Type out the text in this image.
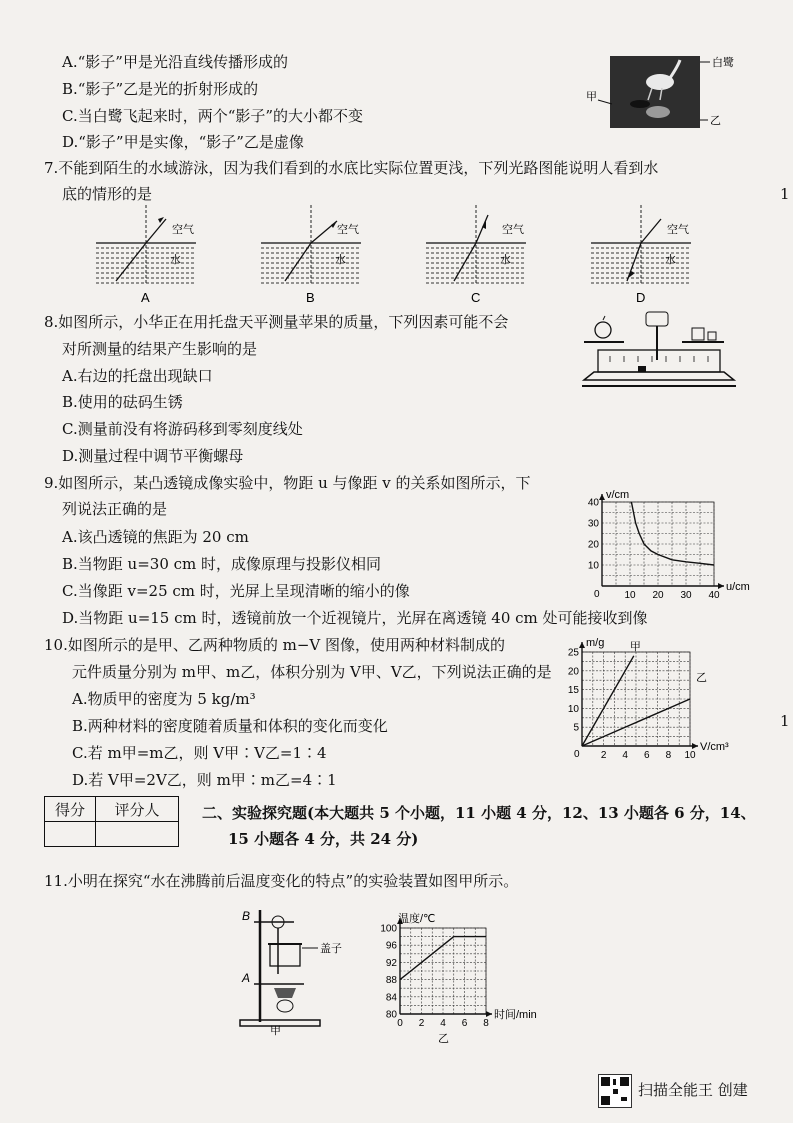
A.“影子”甲是光沿直线传播形成的
B.“影子”乙是光的折射形成的
C.当白鹭飞起来时，两个“影子”的大小都不变
D.“影子”甲是实像，“影子”乙是虚像
白鹭
甲
乙
7.不能到陌生的水域游泳，因为我们看到的水底比实际位置更浅，下列光路图能说明人看到水
底的情形的是
空气
水
A
空气
水
B
空气
水
C
空气
水
D
8.如图所示，小华正在用托盘天平测量苹果的质量，下列因素可能不会
对所测量的结果产生影响的是
A.右边的托盘出现缺口
B.使用的砝码生锈
C.测量前没有将游码移到零刻度线处
D.测量过程中调节平衡螺母
9.如图所示，某凸透镜成像实验中，物距 u 与像距 v 的关系如图所示，下
列说法正确的是
A.该凸透镜的焦距为 20 cm
B.当物距 u=30 cm 时，成像原理与投影仪相同
C.当像距 v=25 cm 时，光屏上呈现清晰的缩小的像
D.当物距 u=15 cm 时，透镜前放一个近视镜片，光屏在离透镜 40 cm 处可能接收到像
10 20 30 40
10
20
30
40
v/cm
u/cm
0
10.如图所示的是甲、乙两种物质的 m−V 图像，使用两种材料制成的
元件质量分别为 m甲、m乙，体积分别为 V甲、V乙，下列说法正确的是
A.物质甲的密度为 5 kg/m³
B.两种材料的密度随着质量和体积的变化而变化
C.若 m甲=m乙，则 V甲∶V乙=1∶4
D.若 V甲=2V乙，则 m甲∶m乙=4∶1
2 4 6 8 10
5
10
15
20
25
甲
乙
m/g
V/cm³
0
得分	评分人
		二、实验探究题(本大题共 5 个小题，11 小题 4 分，12、13 小题各 6 分，14、
15 小题各 4 分，共 24 分)
11.小明在探究“水在沸腾前后温度变化的特点”的实验装置如图甲所示。
B
A
盖子
甲
0 2 4 6 8
80
84
88
92
96
100
温度/℃
时间/min
乙
1
1
扫描全能王 创建
